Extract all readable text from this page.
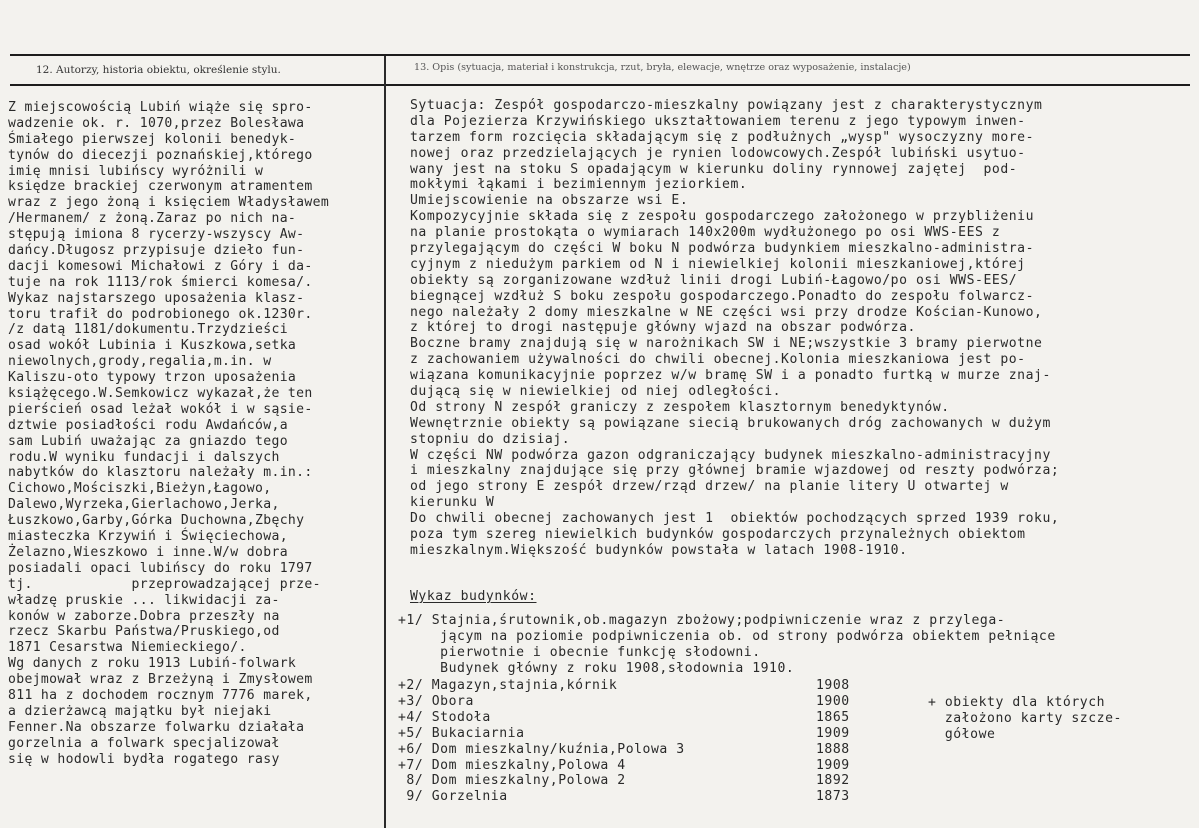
12. Autorzy, historia obiektu, określenie stylu.	13. Opis (sytuacja, materiał i konstrukcja, rzut, bryła, elewacje, wnętrze oraz wyposażenie, instalacje)
Z miejscowością Lubiń wiąże się spro-
wadzenie ok. r. 1070,przez Bolesława
Śmiałego pierwszej kolonii benedyk-
tynów do diecezji poznańskiej,którego
imię mnisi lubińscy wyróżnili w
księdze brackiej czerwonym atramentem
wraz z jego żoną i księciem Władysławem
/Hermanem/ z żoną.Zaraz po nich na-
stępują imiona 8 rycerzy-wszyscy Aw-
dańcy.Długosz przypisuje dzieło fun-
dacji komesowi Michałowi z Góry i da-
tuje na rok 1113/rok śmierci komesa/.
Wykaz najstarszego uposażenia klasz-
toru trafił do podrobionego ok.1230r.
/z datą 1181/dokumentu.Trzydzieści
osad wokół Lubinia i Kuszkowa,setka
niewolnych,grody,regalia,m.in. w
Kaliszu-oto typowy trzon uposażenia
książęcego.W.Semkowicz wykazał,że ten
pierścień osad leżał wokół i w sąsie-
dztwie posiadłości rodu Awdańców,a
sam Lubiń uważając za gniazdo tego
rodu.W wyniku fundacji i dalszych
nabytków do klasztoru należały m.in.:
Cichowo,Mościszki,Bieżyn,Łagowo,
Dalewo,Wyrzeka,Gierlachowo,Jerka,
Łuszkowo,Garby,Górka Duchowna,Zbęchy
miasteczka Krzywiń i Święciechowa,
Żelazno,Wieszkowo i inne.W/w dobra
posiadali opaci lubińscy do roku 1797
tj.            przeprowadzającej prze-
władzę pruskie ... likwidacji za-
konów w zaborze.Dobra przeszły na
rzecz Skarbu Państwa/Pruskiego,od
1871 Cesarstwa Niemieckiego/.
Wg danych z roku 1913 Lubiń-folwark
obejmował wraz z Brzeżyną i Zmysłowem
811 ha z dochodem rocznym 7776 marek,
a dzierżawcą majątku był niejaki
Fenner.Na obszarze folwarku działała
gorzelnia a folwark specjalizował
się w hodowli bydła rogatego rasy
Sytuacja: Zespół gospodarczo-mieszkalny powiązany jest z charakterystycznym
dla Pojezierza Krzywińskiego ukształtowaniem terenu z jego typowym inwen-
tarzem form rozcięcia składającym się z podłużnych „wysp" wysoczyzny more-
nowej oraz przedzielających je rynien lodowcowych.Zespół lubiński usytuo-
wany jest na stoku S opadającym w kierunku doliny rynnowej zajętej  pod-
mokłymi łąkami i bezimiennym jeziorkiem.
Umiejscowienie na obszarze wsi E.
Kompozycyjnie składa się z zespołu gospodarczego założonego w przybliżeniu
na planie prostokąta o wymiarach 140x200m wydłużonego po osi WWS-EES z
przylegającym do części W boku N podwórza budynkiem mieszkalno-administra-
cyjnym z niedużym parkiem od N i niewielkiej kolonii mieszkaniowej,której
obiekty są zorganizowane wzdłuż linii drogi Lubiń-Łagowo/po osi WWS-EES/
biegnącej wzdłuż S boku zespołu gospodarczego.Ponadto do zespołu folwarcz-
nego należały 2 domy mieszkalne w NE części wsi przy drodze Kościan-Kunowo,
z której to drogi następuje główny wjazd na obszar podwórza.
Boczne bramy znajdują się w narożnikach SW i NE;wszystkie 3 bramy pierwotne
z zachowaniem używalności do chwili obecnej.Kolonia mieszkaniowa jest po-
wiązana komunikacyjnie poprzez w/w bramę SW i a ponadto furtką w murze znaj-
dującą się w niewielkiej od niej odległości.
Od strony N zespół graniczy z zespołem klasztornym benedyktynów.
Wewnętrznie obiekty są powiązane siecią brukowanych dróg zachowanych w dużym
stopniu do dzisiaj.
W części NW podwórza gazon odgraniczający budynek mieszkalno-administracyjny
i mieszkalny znajdujące się przy głównej bramie wjazdowej od reszty podwórza;
od jego strony E zespół drzew/rząd drzew/ na planie litery U otwartej w
kierunku W
Do chwili obecnej zachowanych jest 1  obiektów pochodzących sprzed 1939 roku,
poza tym szereg niewielkich budynków gospodarczych przynależnych obiektom
mieszkalnym.Większość budynków powstała w latach 1908-1910.
Wykaz budynków:
+1/ Stajnia,śrutownik,ob.magazyn zbożowy;podpiwniczenie wraz z przylega-
jącym na poziomie podpiwniczenia ob. od strony podwórza obiektem pełniące
pierwotnie i obecnie funkcję słodowni.
Budynek główny z roku 1908,słodownia 1910.
+2/ Magazyn,stajnia,kórnik	1908
+3/ Obora	1900
+4/ Stodoła	1865
+5/ Bukaciarnia	1909
+6/ Dom mieszkalny/kuźnia,Polowa 3	1888
+7/ Dom mieszkalny,Polowa 4	1909
8/ Dom mieszkalny,Polowa 2	1892
9/ Gorzelnia	1873
+ obiekty dla których
założono karty szcze-
gółowe
